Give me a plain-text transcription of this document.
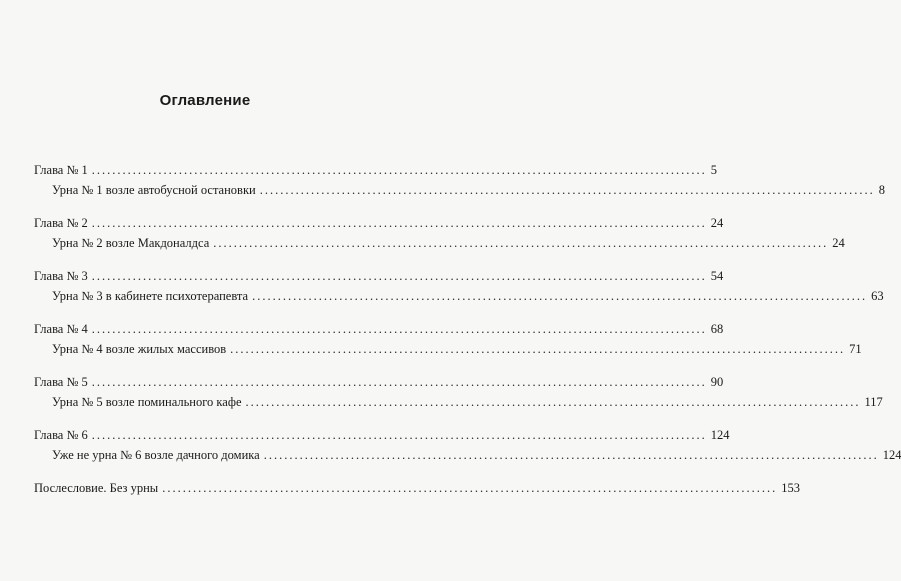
Оглавление
Глава № 1 ........................................................................................................................ 5
Урна № 1 возле автобусной остановки ........................................................................................................................ 8
Глава № 2 ........................................................................................................................ 24
Урна № 2 возле Макдоналдса ........................................................................................................................ 24
Глава № 3 ........................................................................................................................ 54
Урна № 3 в кабинете психотерапевта ........................................................................................................................ 63
Глава № 4 ........................................................................................................................ 68
Урна № 4 возле жилых массивов ........................................................................................................................ 71
Глава № 5 ........................................................................................................................ 90
Урна № 5 возле поминального кафе ........................................................................................................................ 117
Глава № 6 ........................................................................................................................ 124
Уже не урна № 6 возле дачного домика ........................................................................................................................ 124
Послесловие. Без урны ........................................................................................................................ 153
